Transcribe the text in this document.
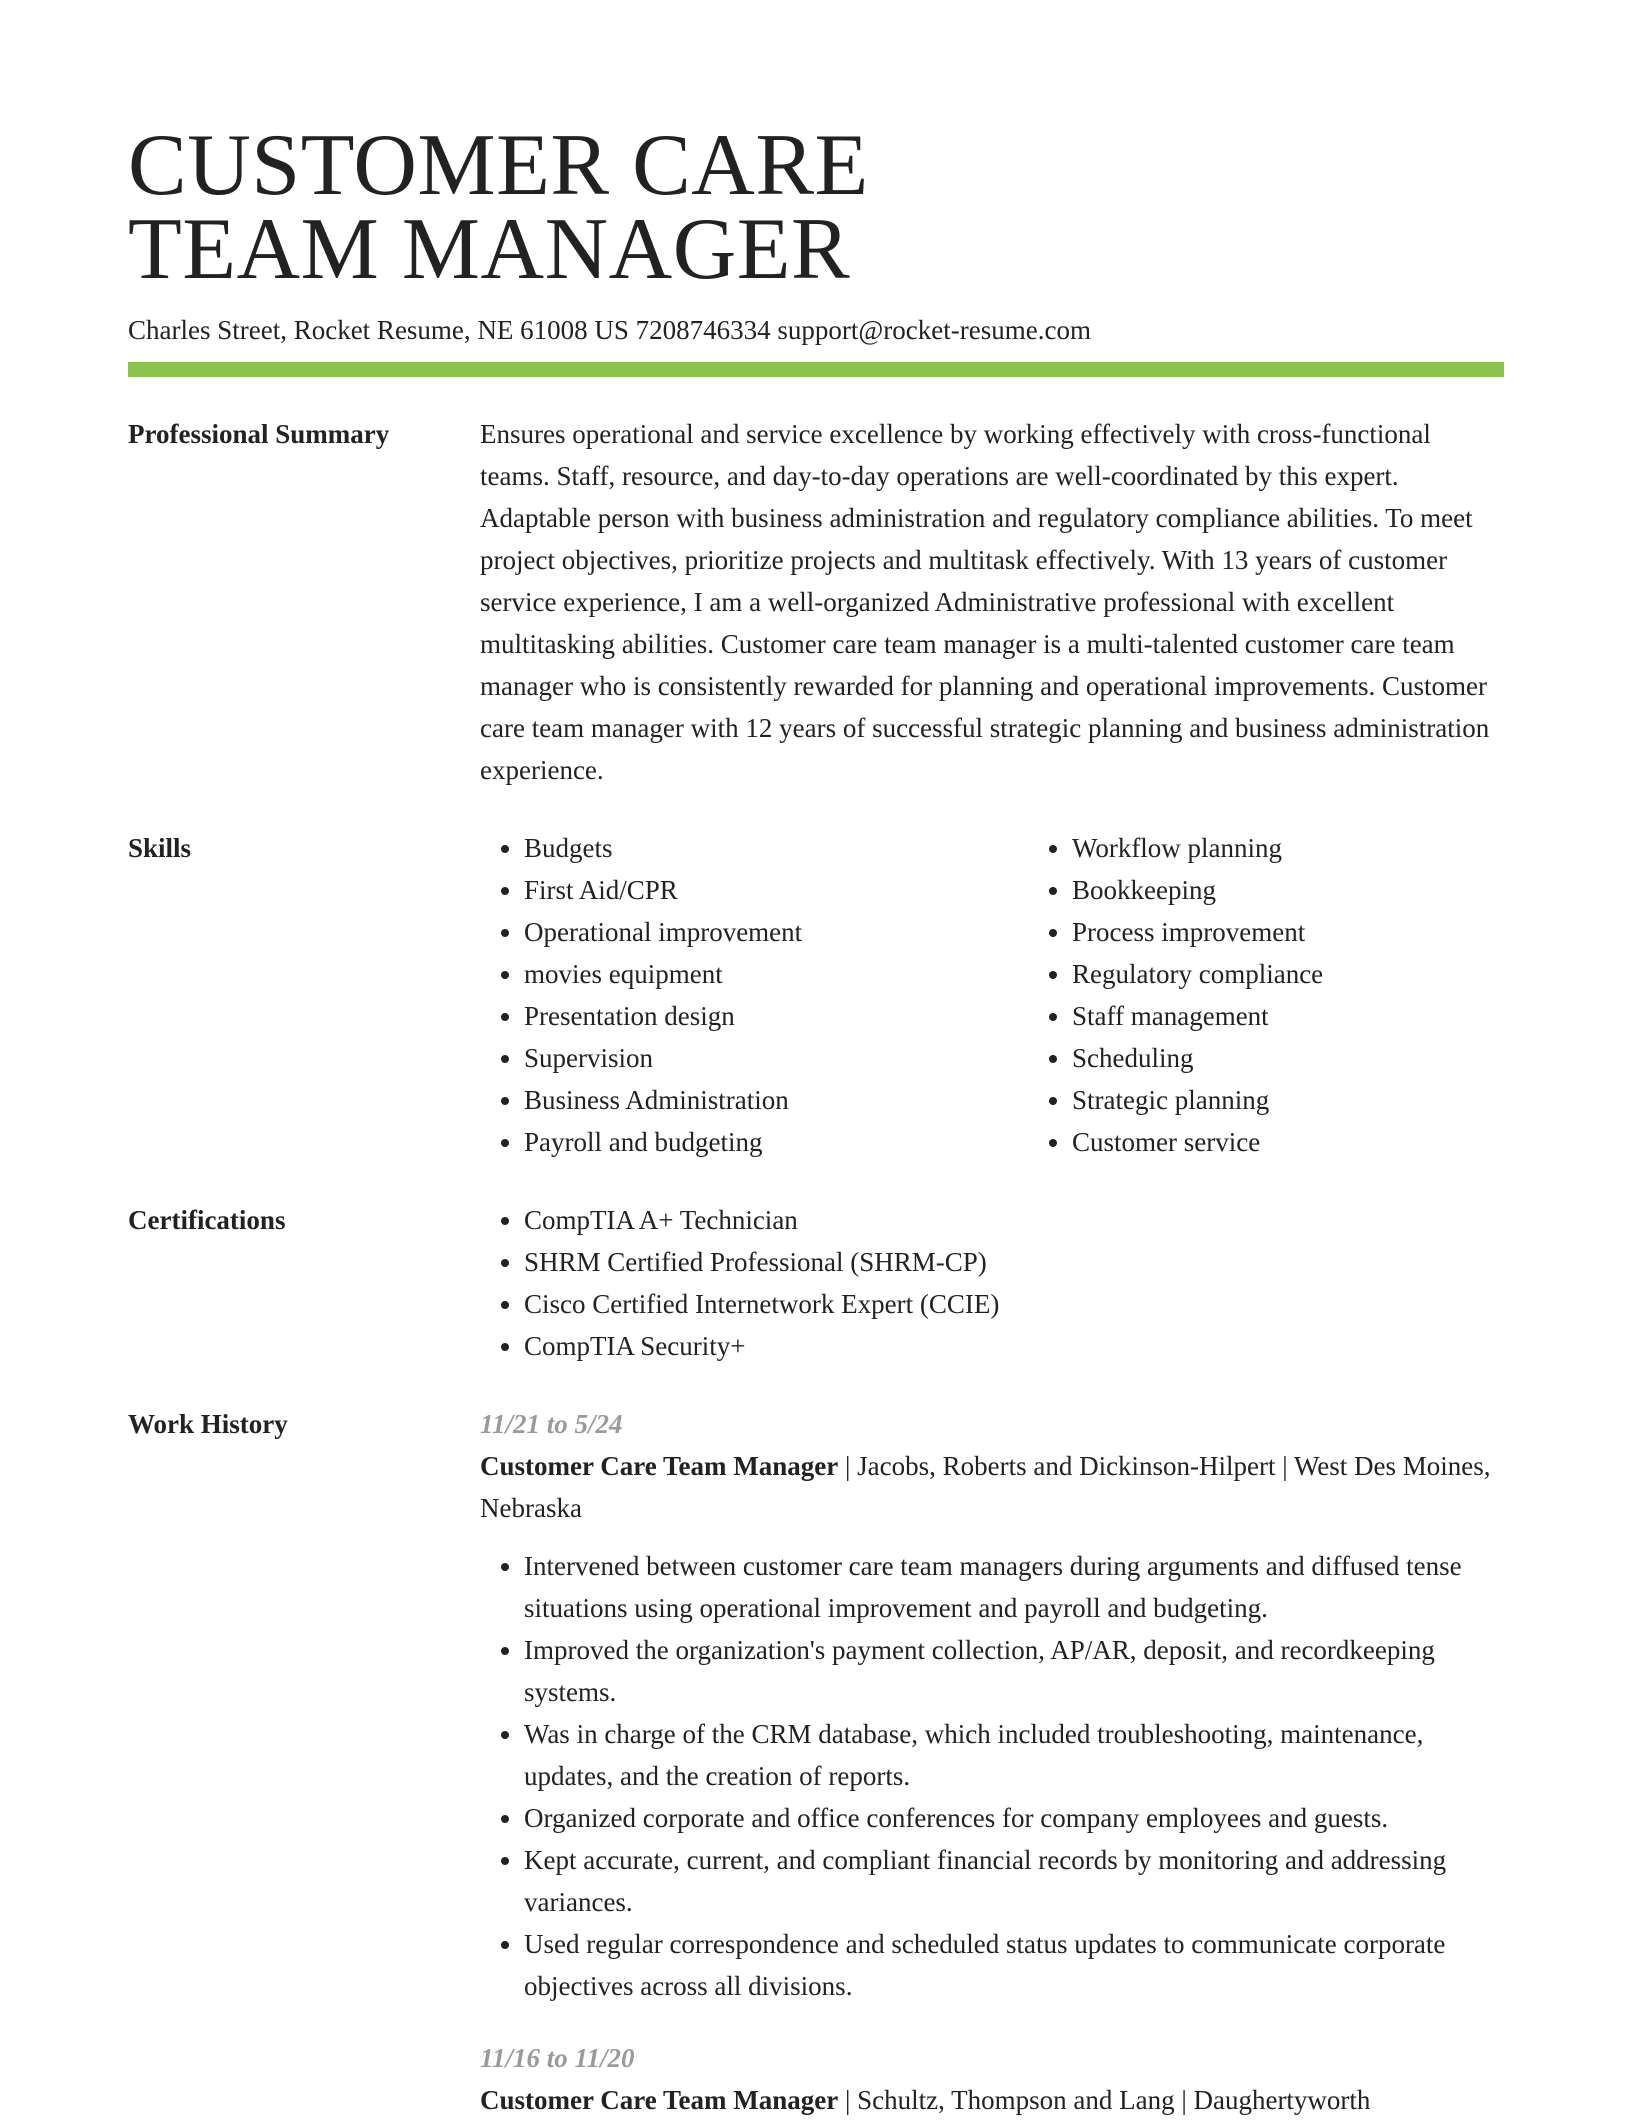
CUSTOMER CARE
TEAM MANAGER
Charles Street, Rocket Resume, NE 61008 US 7208746334 support@rocket-resume.com
Professional Summary	Ensures operational and service excellence by working effectively with cross-functional teams. Staff, resource, and day-to-day operations are well-coordinated by this expert. Adaptable person with business administration and regulatory compliance abilities. To meet project objectives, prioritize projects and multitask effectively. With 13 years of customer service experience, I am a well-organized Administrative professional with excellent multitasking abilities. Customer care team manager is a multi-talented customer care team manager who is consistently rewarded for planning and operational improvements. Customer care team manager with 12 years of successful strategic planning and business administration experience.

Skills	• Budgets
• First Aid/CPR
• Operational improvement
• movies equipment
• Presentation design
• Supervision
• Business Administration
• Payroll and budgeting
• Workflow planning
• Bookkeeping
• Process improvement
• Regulatory compliance
• Staff management
• Scheduling
• Strategic planning
• Customer service
Certifications	• CompTIA A+ Technician
• SHRM Certified Professional (SHRM-CP)
• Cisco Certified Internetwork Expert (CCIE)
• CompTIA Security+
Work History	11/21 to 5/24
Customer Care Team Manager | Jacobs, Roberts and Dickinson-Hilpert | West Des Moines, Nebraska
• Intervened between customer care team managers during arguments and diffused tense situations using operational improvement and payroll and budgeting.
• Improved the organization's payment collection, AP/AR, deposit, and recordkeeping systems.
• Was in charge of the CRM database, which included troubleshooting, maintenance, updates, and the creation of reports.
• Organized corporate and office conferences for company employees and guests.
• Kept accurate, current, and compliant financial records by monitoring and addressing variances.
• Used regular correspondence and scheduled status updates to communicate corporate objectives across all divisions.
11/16 to 11/20
Customer Care Team Manager | Schultz, Thompson and Lang | Daughertyworth
